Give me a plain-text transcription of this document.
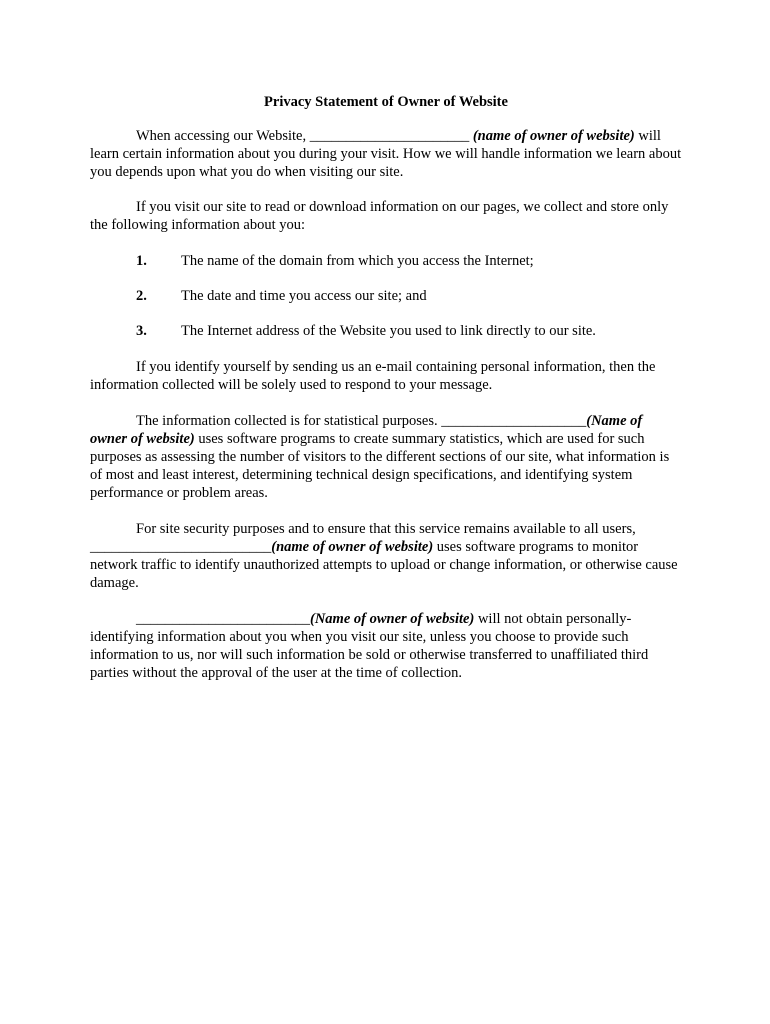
Privacy Statement of Owner of Website

When accessing our Website, ______________________ (name of owner of website) will learn certain information about you during your visit. How we will handle information we learn about you depends upon what you do when visiting our site.

If you visit our site to read or download information on our pages, we collect and store only the following information about you:

1. The name of the domain from which you access the Internet;
2. The date and time you access our site; and
3. The Internet address of the Website you used to link directly to our site.

If you identify yourself by sending us an e-mail containing personal information, then the information collected will be solely used to respond to your message.

The information collected is for statistical purposes. ____________________(Name of owner of website) uses software programs to create summary statistics, which are used for such purposes as assessing the number of visitors to the different sections of our site, what information is of most and least interest, determining technical design specifications, and identifying system performance or problem areas.

For site security purposes and to ensure that this service remains available to all users, _________________________(name of owner of website) uses software programs to monitor network traffic to identify unauthorized attempts to upload or change information, or otherwise cause damage.

________________________(Name of owner of website) will not obtain personally-identifying information about you when you visit our site, unless you choose to provide such information to us, nor will such information be sold or otherwise transferred to unaffiliated third parties without the approval of the user at the time of collection.
